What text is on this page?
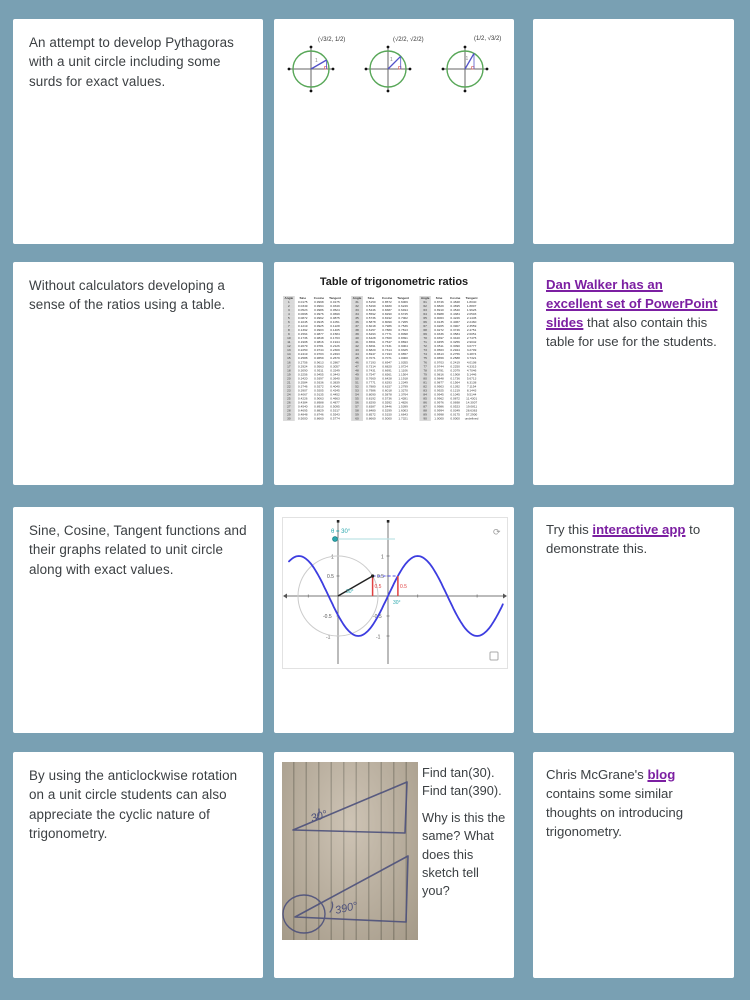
An attempt to develop Pythagoras with a unit circle including some surds for exact values.

1
(√3/2, 1/2)
1
(√2/2, √2/2)
1
(1/2, √3/2)

Without calculators developing a sense of the ratios using a table.

Table of trigonometric ratios
Angle	Sine	Cosine	Tangent
1	0.0175	0.9998	0.0175
2	0.0349	0.9994	0.0349
3	0.0523	0.9986	0.0524
4	0.0698	0.9976	0.0699
5	0.0872	0.9962	0.0875
6	0.1045	0.9945	0.1051
7	0.1219	0.9925	0.1228
8	0.1392	0.9903	0.1405
9	0.1564	0.9877	0.1584
10	0.1736	0.9848	0.1763
11	0.1908	0.9816	0.1944
12	0.2079	0.9781	0.2126
13	0.2250	0.9744	0.2309
14	0.2419	0.9703	0.2493
15	0.2588	0.9659	0.2679
16	0.2756	0.9613	0.2867
17	0.2924	0.9563	0.3057
18	0.3090	0.9511	0.3249
19	0.3256	0.9455	0.3443
20	0.3420	0.9397	0.3640
21	0.3584	0.9336	0.3839
22	0.3746	0.9272	0.4040
23	0.3907	0.9205	0.4245
24	0.4067	0.9135	0.4452
25	0.4226	0.9063	0.4663
26	0.4384	0.8988	0.4877
27	0.4540	0.8910	0.5095
28	0.4695	0.8829	0.5317
29	0.4848	0.8746	0.5543
30	0.5000	0.8660	0.5774
Angle	Sine	Cosine	Tangent
31	0.5150	0.8572	0.6009
32	0.5299	0.8480	0.6249
33	0.5446	0.8387	0.6494
34	0.5592	0.8290	0.6745
35	0.5736	0.8192	0.7002
36	0.5878	0.8090	0.7265
37	0.6018	0.7986	0.7536
38	0.6157	0.7880	0.7813
39	0.6293	0.7771	0.8098
40	0.6428	0.7660	0.8391
41	0.6561	0.7547	0.8693
42	0.6691	0.7431	0.9004
43	0.6820	0.7314	0.9325
44	0.6947	0.7193	0.9657
45	0.7071	0.7071	1.0000
46	0.7193	0.6947	1.0355
47	0.7314	0.6820	1.0724
48	0.7431	0.6691	1.1106
49	0.7547	0.6561	1.1504
50	0.7660	0.6428	1.1918
51	0.7771	0.6293	1.2349
52	0.7880	0.6157	1.2799
53	0.7986	0.6018	1.3270
54	0.8090	0.5878	1.3764
55	0.8192	0.5736	1.4281
56	0.8290	0.5592	1.4826
57	0.8387	0.5446	1.5399
58	0.8480	0.5299	1.6003
59	0.8572	0.5150	1.6643
60	0.8660	0.5000	1.7321
Angle	Sine	Cosine	Tangent
61	0.8746	0.4848	1.8040
62	0.8829	0.4695	1.8807
63	0.8910	0.4540	1.9626
64	0.8988	0.4384	2.0503
65	0.9063	0.4226	2.1445
66	0.9135	0.4067	2.2460
67	0.9205	0.3907	2.3559
68	0.9272	0.3746	2.4751
69	0.9336	0.3584	2.6051
70	0.9397	0.3420	2.7475
71	0.9455	0.3256	2.9042
72	0.9511	0.3090	3.0777
73	0.9563	0.2924	3.2709
74	0.9613	0.2756	3.4874
75	0.9659	0.2588	3.7321
76	0.9703	0.2419	4.0108
77	0.9744	0.2250	4.3315
78	0.9781	0.2079	4.7046
79	0.9816	0.1908	5.1446
80	0.9848	0.1736	5.6713
81	0.9877	0.1564	6.3138
82	0.9903	0.1392	7.1154
83	0.9925	0.1219	8.1443
84	0.9945	0.1045	9.5144
85	0.9962	0.0872	11.4301
86	0.9976	0.0698	14.3007
87	0.9986	0.0523	19.0811
88	0.9994	0.0349	28.6363
89	0.9998	0.0175	57.2900
90	1.0000	0.0000	undefined

Dan Walker has an excellent set of PowerPoint slides that also contain this table for use for the students.

Sine, Cosine, Tangent functions and their graphs related to unit circle along with exact values.

1
0.5
-0.5
-1
1
0.5
-0.5
-1
0.5	0.5
30°
30°
θ = 30°	⟳	Try this interactive app to demonstrate this.

By using the anticlockwise rotation on a unit circle students can also appreciate the cyclic nature of trigonometry.

30°
390°

Find tan(30).
Find tan(390).

Why is this the same? What does this sketch tell you?

Chris McGrane's blog contains some similar thoughts on introducing trigonometry.
